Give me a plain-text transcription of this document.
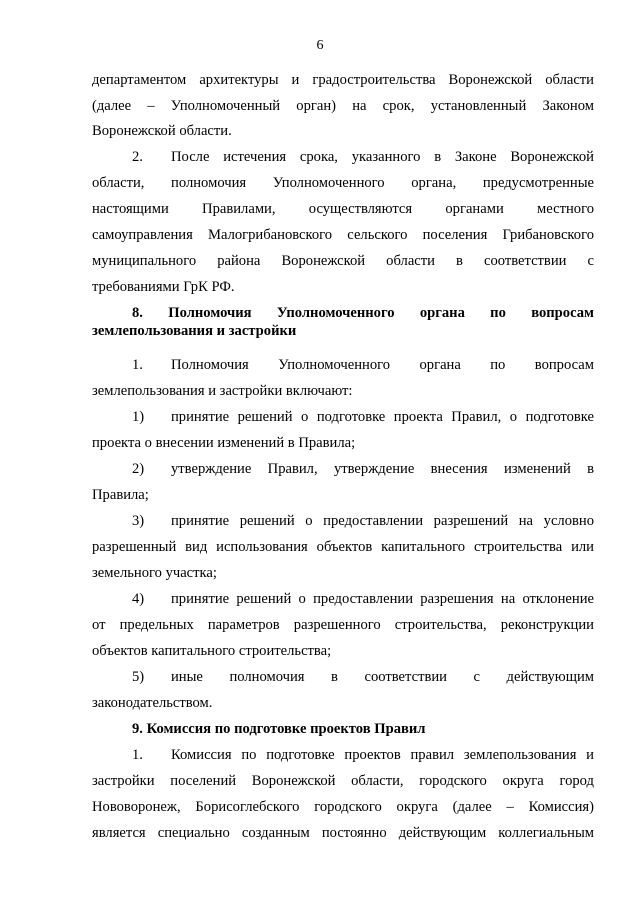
6
департаментом архитектуры и градостроительства Воронежской области
(далее – Уполномоченный орган) на срок, установленный Законом
Воронежской области.
2. После истечения срока, указанного в Законе Воронежской
области, полномочия Уполномоченного органа, предусмотренные
настоящими Правилами, осуществляются органами местного
самоуправления Малогрибановского сельского поселения Грибановского
муниципального района Воронежской области в соответствии с
требованиями ГрК РФ.
8. Полномочия Уполномоченного органа по вопросам
землепользования и застройки
1. Полномочия Уполномоченного органа по вопросам
землепользования и застройки включают:
1) принятие решений о подготовке проекта Правил, о подготовке
проекта о внесении изменений в Правила;
2) утверждение Правил, утверждение внесения изменений в
Правила;
3) принятие решений о предоставлении разрешений на условно
разрешенный вид использования объектов капитального строительства или
земельного участка;
4) принятие решений о предоставлении разрешения на отклонение
от предельных параметров разрешенного строительства, реконструкции
объектов капитального строительства;
5) иные полномочия в соответствии с действующим
законодательством.
9. Комиссия по подготовке проектов Правил
1. Комиссия по подготовке проектов правил землепользования и
застройки поселений Воронежской области, городского округа город
Нововоронеж, Борисоглебского городского округа (далее – Комиссия)
является специально созданным постоянно действующим коллегиальным
